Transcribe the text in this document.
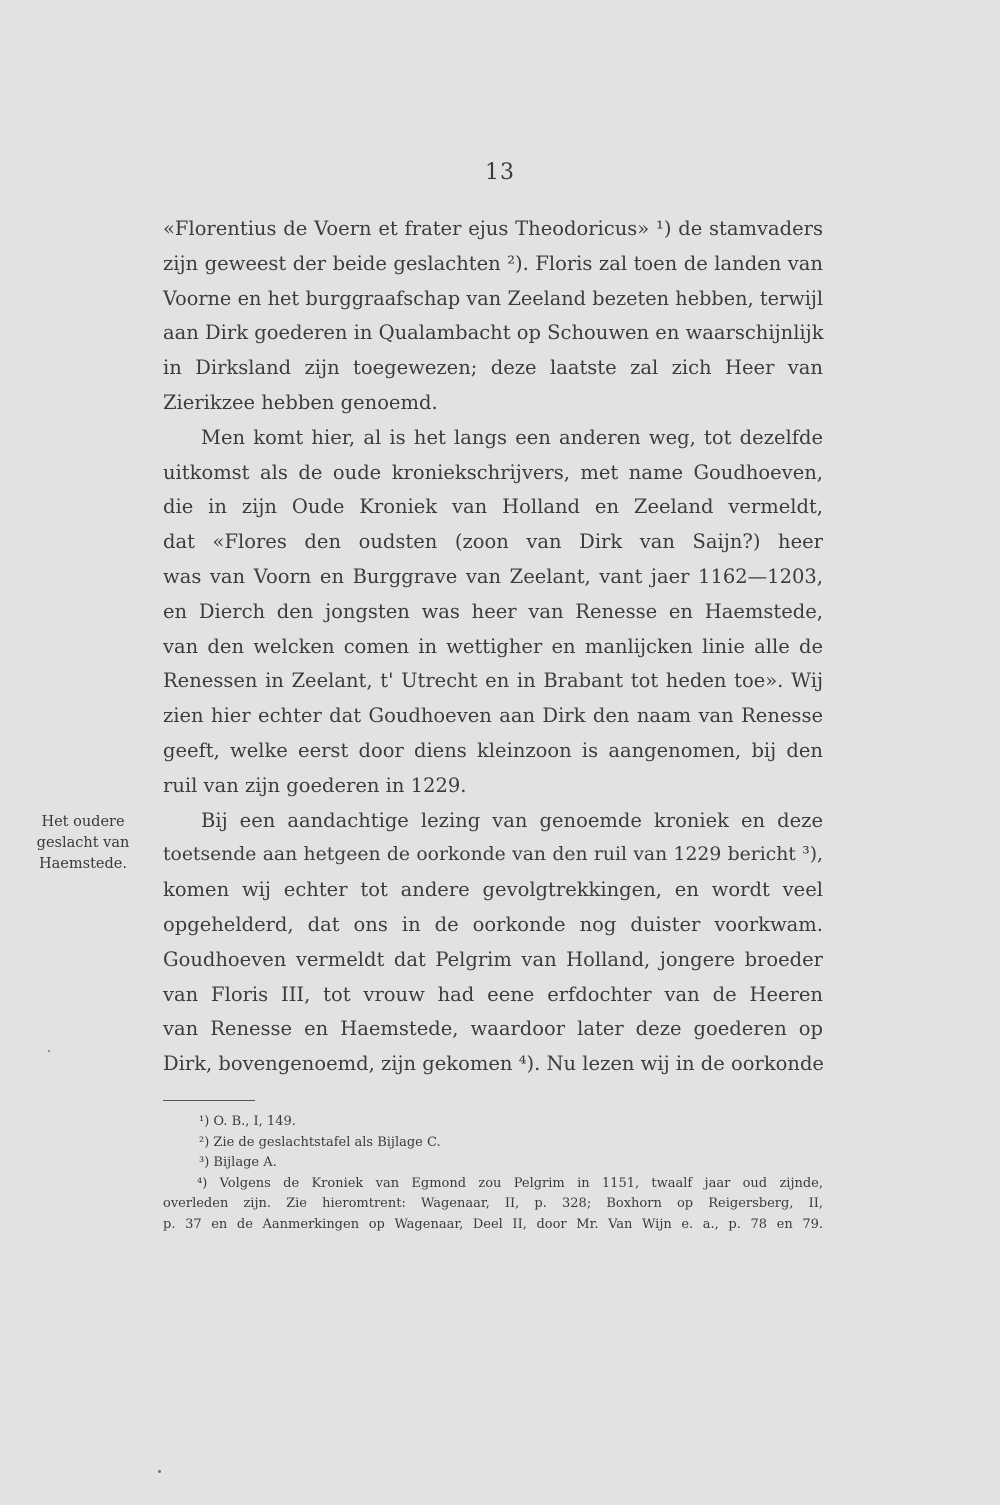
13
«Florentius de Voern et frater ejus Theodoricus» ¹) de stamvaders
zijn geweest der beide geslachten ²). Floris zal toen de landen van
Voorne en het burggraafschap van Zeeland bezeten hebben, terwijl
aan Dirk goederen in Qualambacht op Schouwen en waarschijnlijk
in Dirksland zijn toegewezen; deze laatste zal zich Heer van
Zierikzee hebben genoemd.
Men komt hier, al is het langs een anderen weg, tot dezelfde
uitkomst als de oude kroniekschrijvers, met name Goudhoeven,
die in zijn Oude Kroniek van Holland en Zeeland vermeldt,
dat «Flores den oudsten (zoon van Dirk van Saijn?) heer
was van Voorn en Burggrave van Zeelant, vant jaer 1162—1203,
en Dierch den jongsten was heer van Renesse en Haemstede,
van den welcken comen in wettigher en manlijcken linie alle de
Renessen in Zeelant, t' Utrecht en in Brabant tot heden toe». Wij
zien hier echter dat Goudhoeven aan Dirk den naam van Renesse
geeft, welke eerst door diens kleinzoon is aangenomen, bij den
ruil van zijn goederen in 1229.
Bij een aandachtige lezing van genoemde kroniek en deze
toetsende aan hetgeen de oorkonde van den ruil van 1229 bericht ³),
komen wij echter tot andere gevolgtrekkingen, en wordt veel
opgehelderd, dat ons in de oorkonde nog duister voorkwam.
Goudhoeven vermeldt dat Pelgrim van Holland, jongere broeder
van Floris III, tot vrouw had eene erfdochter van de Heeren
van Renesse en Haemstede, waardoor later deze goederen op
Dirk, bovengenoemd, zijn gekomen ⁴). Nu lezen wij in de oorkonde
Het oudere
geslacht van
Haemstede.
¹) O. B., I, 149.
²) Zie de geslachtstafel als Bijlage C.
³) Bijlage A.
⁴) Volgens de Kroniek van Egmond zou Pelgrim in 1151, twaalf jaar oud zijnde,
overleden zijn. Zie hieromtrent: Wagenaar, II, p. 328; Boxhorn op Reigersberg, II,
p. 37 en de Aanmerkingen op Wagenaar, Deel II, door Mr. Van Wijn e. a., p. 78 en 79.
